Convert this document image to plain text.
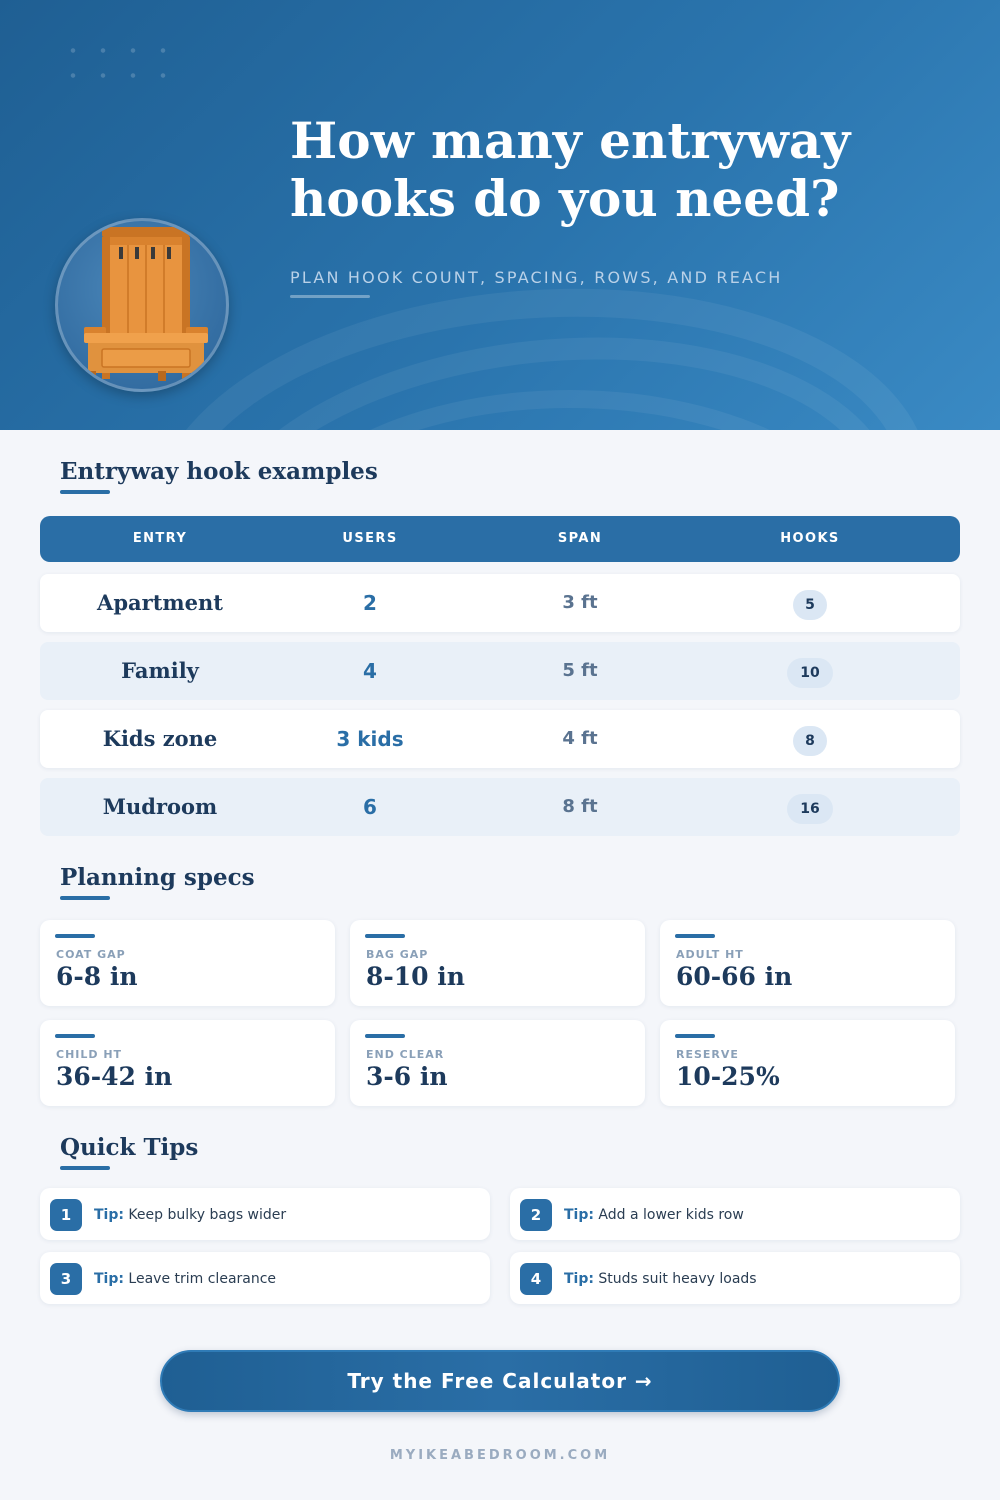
How many entryway hooks do you need?
PLAN HOOK COUNT, SPACING, ROWS, AND REACH
Entryway hook examples
ENTRY	USERS	SPAN	HOOKS
Apartment	2	3 ft	5
Family	4	5 ft	10
Kids zone	3 kids	4 ft	8
Mudroom	6	8 ft	16
Planning specs
COAT GAP
6-8 in
BAG GAP
8-10 in
ADULT HT
60-66 in
CHILD HT
36-42 in
END CLEAR
3-6 in
RESERVE
10-25%
Quick Tips
1	Tip: Keep bulky bags wider	2	Tip: Add a lower kids row
3	Tip: Leave trim clearance	4	Tip: Studs suit heavy loads
Try the Free Calculator →
MYIKEABEDROOM.COM
